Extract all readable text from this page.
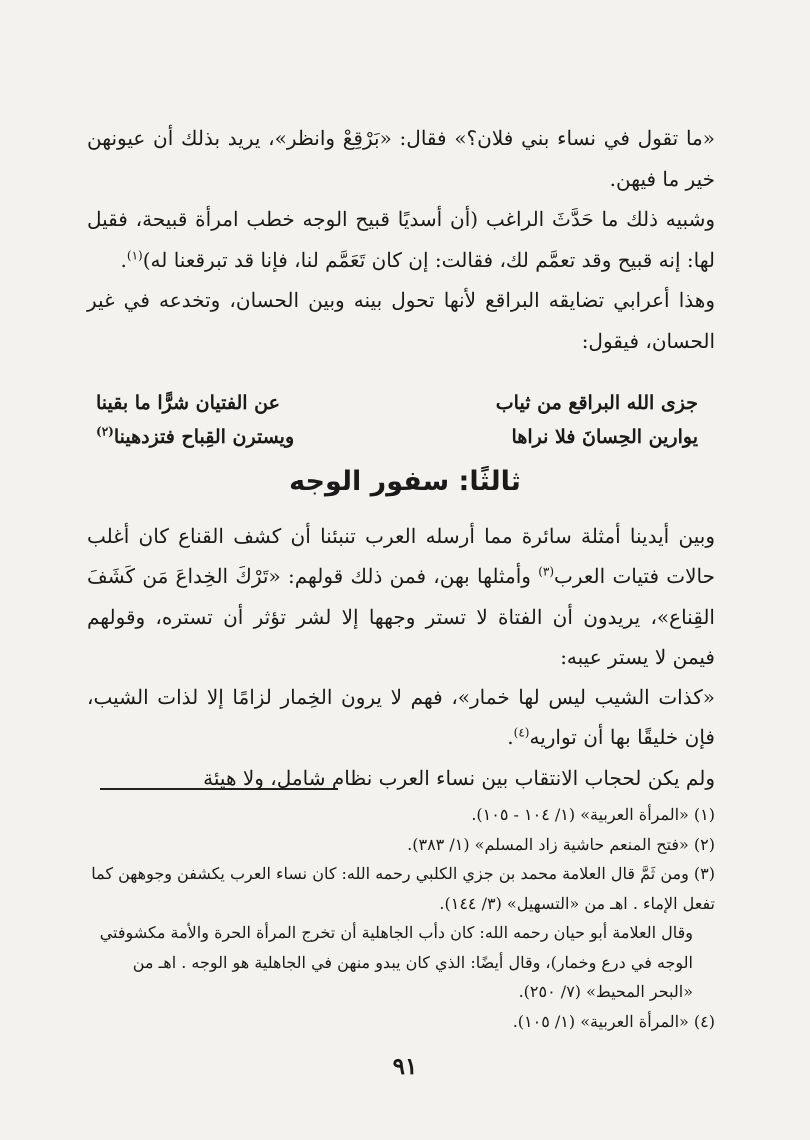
«ما تقول في نساء بني فلان؟» فقال: «بَرْقِعْ وانظر»، يريد بذلك أن عيونهن خير ما فيهن.

وشبيه ذلك ما حَدَّثَ الراغب (أن أسديًا قبيح الوجه خطب امرأة قبيحة، فقيل لها: إنه قبيح وقد تعمَّم لك، فقالت: إن كان تَعَمَّم لنا، فإنا قد تبرقعنا له)$^{(١)}$.

وهذا أعرابي تضايقه البراقع لأنها تحول بينه وبين الحسان، وتخدعه في غير الحسان، فيقول:

جزى الله البراقع من ثياب
عن الفتيان شرًّا ما بقينا
يوارين الحِسانَ فلا نراها
ويسترن القِباح فتزدهينا$^{(٢)}$
ثالثًا: سفور الوجه

وبين أيدينا أمثلة سائرة مما أرسله العرب تنبئنا أن كشف القناع كان أغلب حالات فتيات العرب$^{(٣)}$ وأمثلها بهن، فمن ذلك قولهم: «تَرْكَ الخِداعَ مَن كَشَفَ القِناع»، يريدون أن الفتاة لا تستر وجهها إلا لشر تؤثر أن تستره، وقولهم فيمن لا يستر عيبه:

«كذات الشيب ليس لها خمار»، فهم لا يرون الخِمار لزامًا إلا لذات الشيب، فإن خليقًا بها أن تواريه$^{(٤)}$.

ولم يكن لحجاب الانتقاب بين نساء العرب نظام شامل، ولا هيئة

(١) «المرأة العربية» (١/ ١٠٤ - ١٠٥).

(٢) «فتح المنعم حاشية زاد المسلم» (١/ ٣٨٣).

(٣) ومن ثَمَّ قال العلامة محمد بن جزي الكلبي رحمه الله: كان نساء العرب يكشفن وجوههن كما تفعل الإماء . اهـ من «التسهيل» (٣/ ١٤٤).

وقال العلامة أبو حيان رحمه الله: كان دأب الجاهلية أن تخرج المرأة الحرة والأمة مكشوفتي الوجه في درع وخمار)، وقال أيضًا: الذي كان يبدو منهن في الجاهلية هو الوجه . اهـ من «البحر المحيط» (٧/ ٢٥٠).

(٤) «المرأة العربية» (١/ ١٠٥).

٩١
